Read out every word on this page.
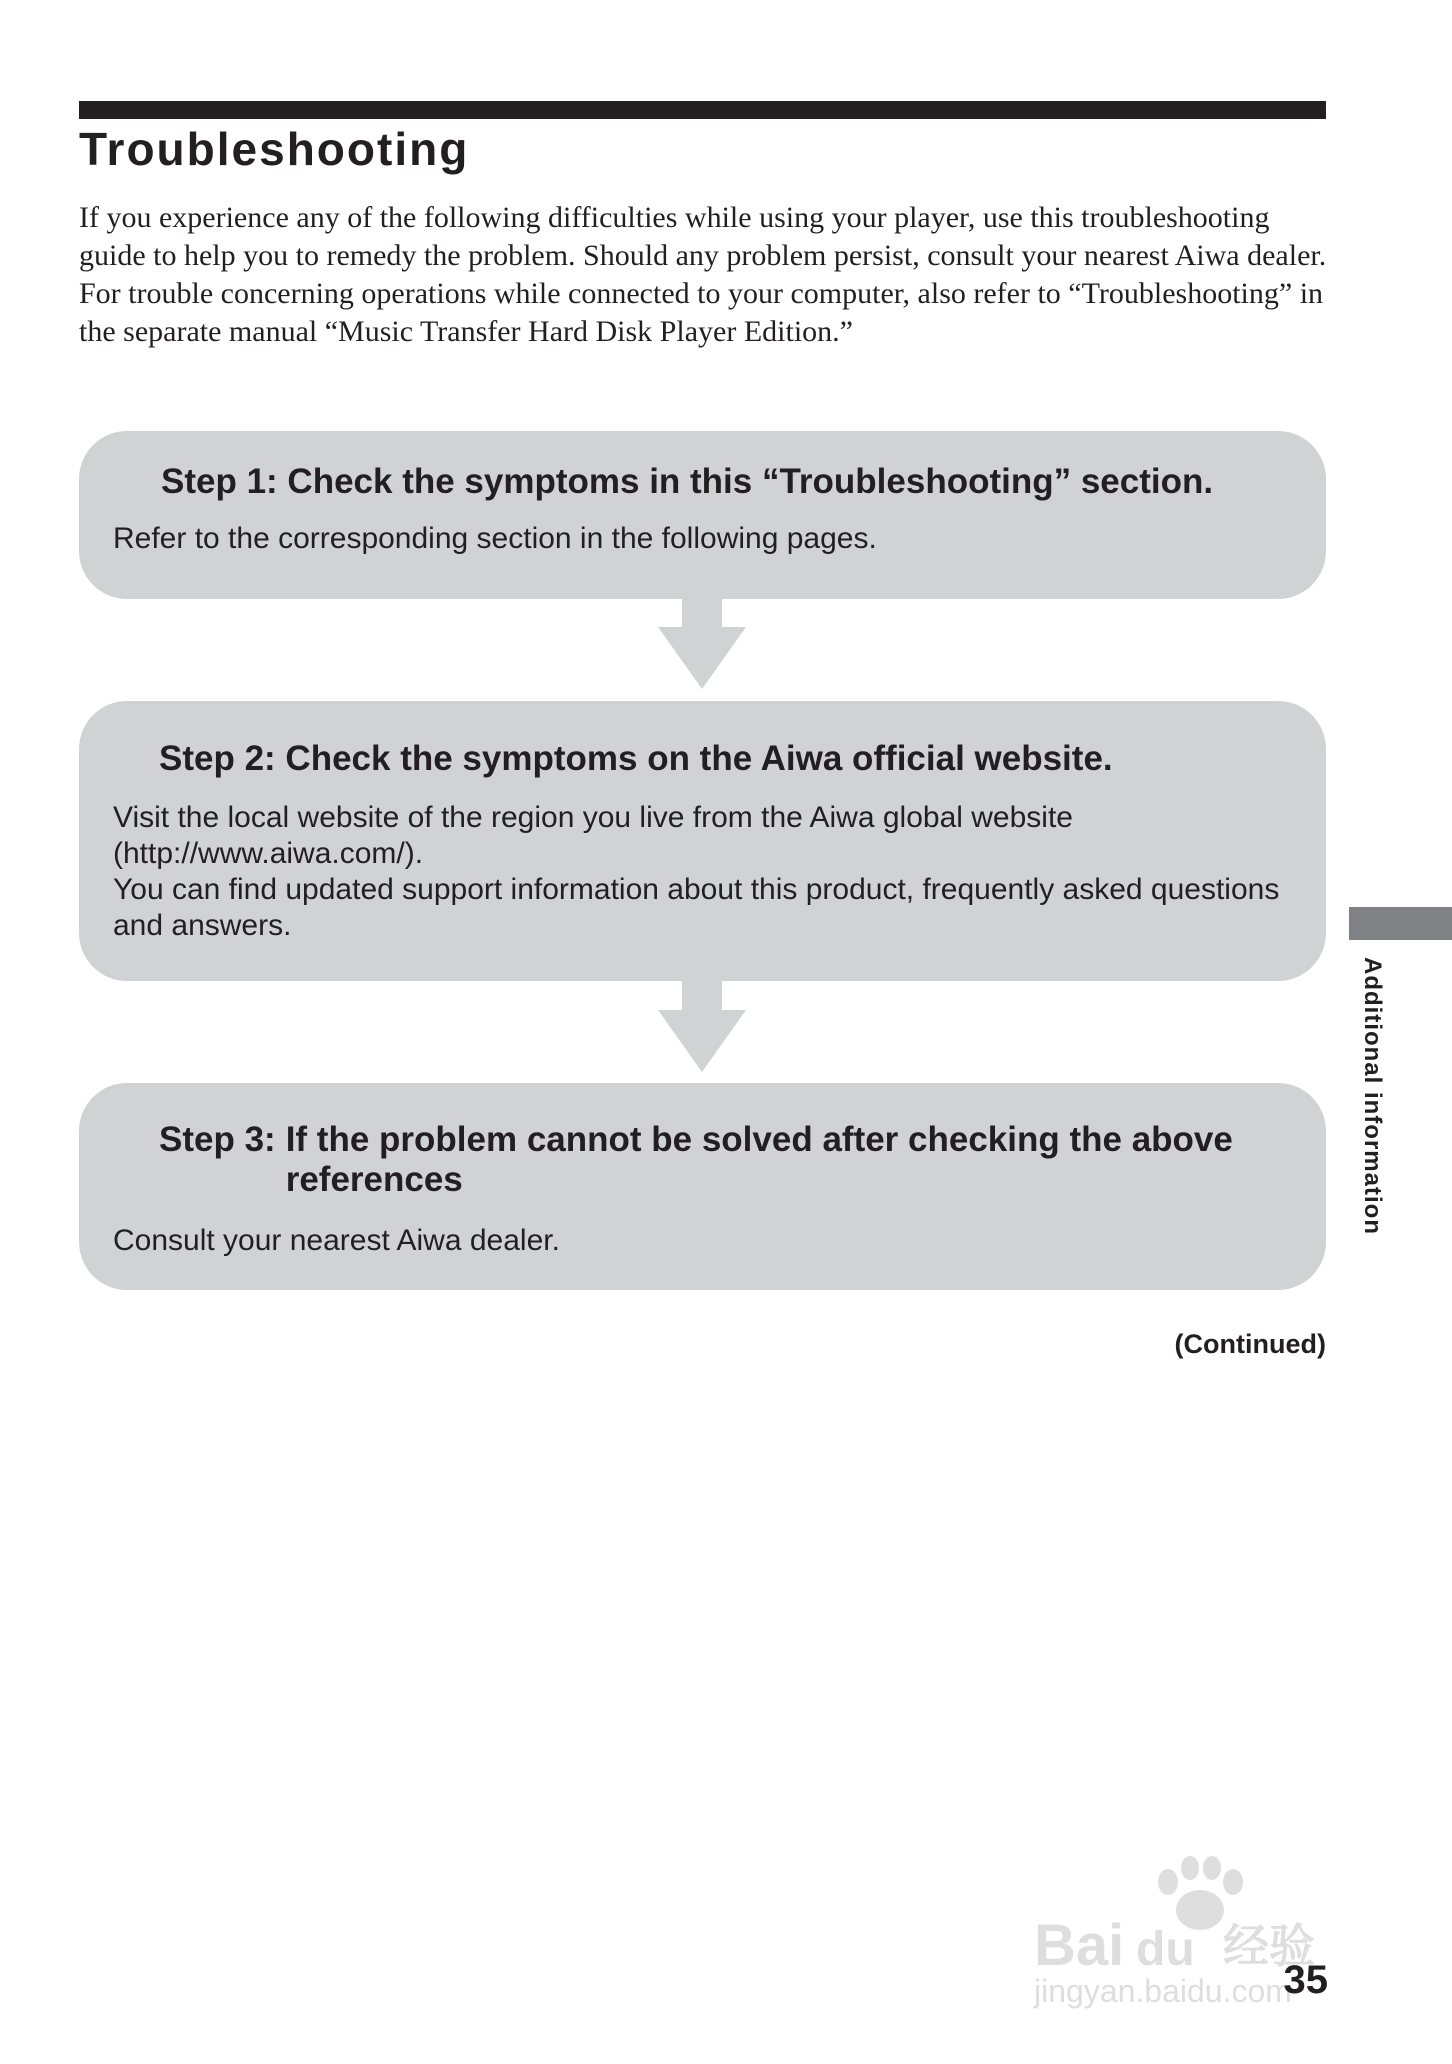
Troubleshooting

If you experience any of the following difficulties while using your player, use this troubleshooting guide to help you to remedy the problem. Should any problem persist, consult your nearest Aiwa dealer.

For trouble concerning operations while connected to your computer, also refer to “Troubleshooting” in the separate manual “Music Transfer Hard Disk Player Edition.”

Step 1: Check the symptoms in this “Troubleshooting” section.

Refer to the corresponding section in the following pages.

Step 2: Check the symptoms on the Aiwa official website.

Visit the local website of the region you live from the Aiwa global website (http://www.aiwa.com/).

You can find updated support information about this product, frequently asked questions and answers.

Step 3: If the problem cannot be solved after checking the above references

Consult your nearest Aiwa dealer.

(Continued)
Additional information
Bai du 经验
jingyan.baidu.com
35
